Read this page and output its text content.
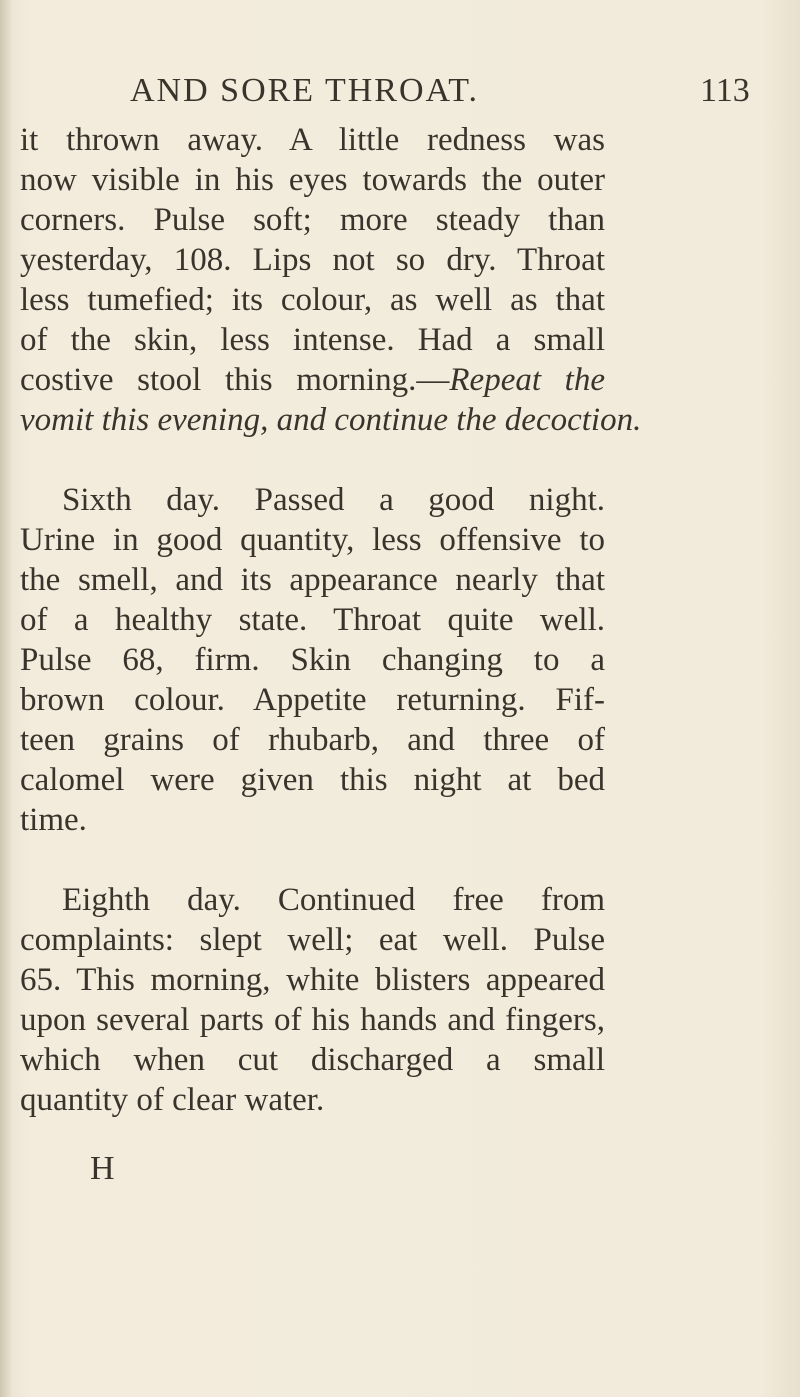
AND SORE THROAT.	113
it thrown away. A little redness was
now visible in his eyes towards the outer
corners. Pulse soft; more steady than
yesterday, 108. Lips not so dry. Throat
less tumefied; its colour, as well as that
of the skin, less intense. Had a small
costive stool this morning.—Repeat the
vomit this evening, and continue the decoction.
Sixth day. Passed a good night.
Urine in good quantity, less offensive to
the smell, and its appearance nearly that
of a healthy state. Throat quite well.
Pulse 68, firm. Skin changing to a
brown colour. Appetite returning. Fif-
teen grains of rhubarb, and three of
calomel were given this night at bed
time.
Eighth day. Continued free from
complaints: slept well; eat well. Pulse
65. This morning, white blisters appeared
upon several parts of his hands and fingers,
which when cut discharged a small
quantity of clear water.
H
